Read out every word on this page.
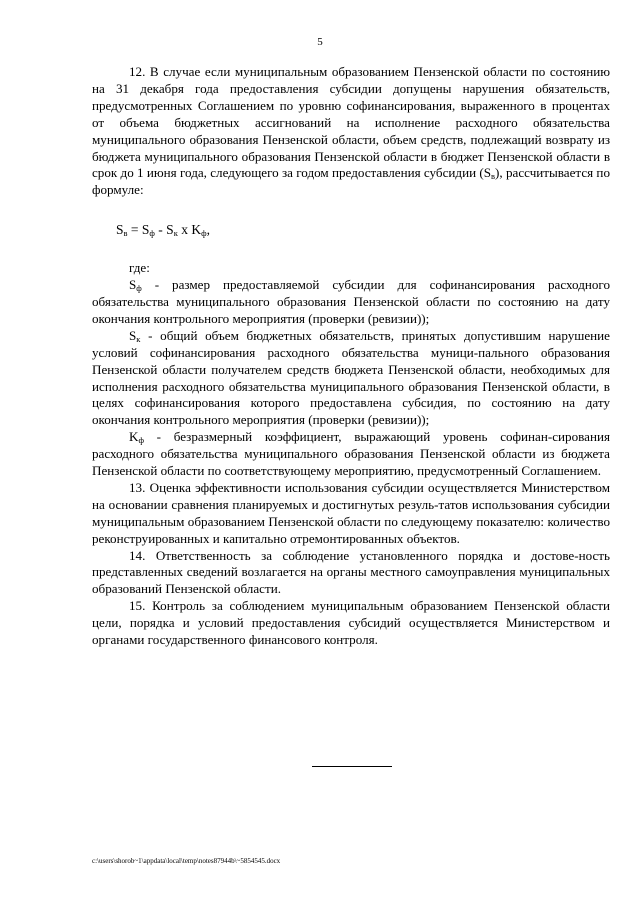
5

12. В случае если муниципальным образованием Пензенской области по состоянию на 31 декабря года предоставления субсидии допущены нарушения обязательств, предусмотренных Соглашением по уровню софинансирования, выраженного в процентах от объема бюджетных ассигнований на исполнение расходного обязательства муниципального образования Пензенской области, объем средств, подлежащий возврату из бюджета муниципального образования Пензенской области в бюджет Пензенской области в срок до 1 июня года, следующего за годом предоставления субсидии $(S_в)$, рассчитывается по формуле:

$S_в = S_ф - S_к$ x $K_ф$,

где:

$S_ф$ - размер предоставляемой субсидии для софинансирования расходного обязательства муниципального образования Пензенской области по состоянию на дату окончания контрольного мероприятия (проверки (ревизии));

$S_к$ - общий объем бюджетных обязательств, принятых допустившим нарушение условий софинансирования расходного обязательства муници-пального образования Пензенской области получателем средств бюджета Пензенской области, необходимых для исполнения расходного обязательства муниципального образования Пензенской области, в целях софинансирования которого предоставлена субсидия, по состоянию на дату окончания контрольного мероприятия (проверки (ревизии));

$K_ф$ - безразмерный коэффициент, выражающий уровень софинан-сирования расходного обязательства муниципального образования Пензенской области из бюджета Пензенской области по соответствующему мероприятию, предусмотренный Соглашением.

13. Оценка эффективности использования субсидии осуществляется Министерством на основании сравнения планируемых и достигнутых резуль-татов использования субсидии муниципальным образованием Пензенской области по следующему показателю: количество реконструированных и капитально отремонтированных объектов.

14. Ответственность за соблюдение установленного порядка и достове-ность представленных сведений возлагается на органы местного самоуправления муниципальных образований Пензенской области.

15. Контроль за соблюдением муниципальным образованием Пензенской области цели, порядка и условий предоставления субсидий осуществляется Министерством и органами государственного финансового контроля.

c:\users\shorob~1\appdata\local\temp\notes87944b\~5854545.docx
